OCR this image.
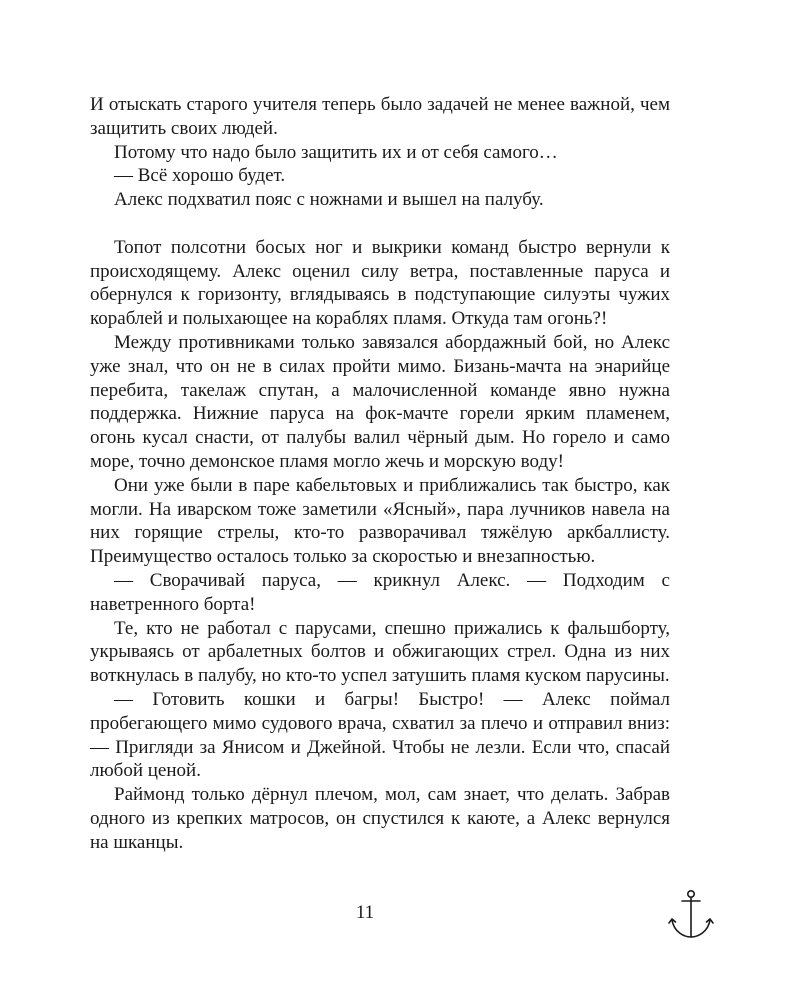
И отыскать старого учителя теперь было задачей не менее важной, чем защитить своих людей.

Потому что надо было защитить их и от себя самого…

— Всё хорошо будет.

Алекс подхватил пояс с ножнами и вышел на палубу.

Топот полсотни босых ног и выкрики команд быстро вернули к происходящему. Алекс оценил силу ветра, поставленные паруса и обернулся к горизонту, вглядываясь в подступающие силуэты чужих кораблей и полыхающее на кораблях пламя. Откуда там огонь?!

Между противниками только завязался абордажный бой, но Алекс уже знал, что он не в силах пройти мимо. Бизань-мачта на энарийце перебита, такелаж спутан, а малочисленной команде явно нужна поддержка. Нижние паруса на фок-мачте горели ярким пламенем, огонь кусал снасти, от палубы валил чёрный дым. Но горело и само море, точно демонское пламя могло жечь и морскую воду!

Они уже были в паре кабельтовых и приближались так быстро, как могли. На иварском тоже заметили «Ясный», пара лучников навела на них горящие стрелы, кто-то разворачивал тяжёлую аркбаллисту. Преимущество осталось только за скоростью и внезапностью.

— Сворачивай паруса, — крикнул Алекс. — Подходим с наветренного борта!

Те, кто не работал с парусами, спешно прижались к фальшборту, укрываясь от арбалетных болтов и обжигающих стрел. Одна из них воткнулась в палубу, но кто-то успел затушить пламя куском парусины.

— Готовить кошки и багры! Быстро! — Алекс поймал пробегающего мимо судового врача, схватил за плечо и отправил вниз: — Пригляди за Янисом и Джейной. Чтобы не лезли. Если что, спасай любой ценой.

Раймонд только дёрнул плечом, мол, сам знает, что делать. Забрав одного из крепких матросов, он спустился к каюте, а Алекс вернулся на шканцы.

11
